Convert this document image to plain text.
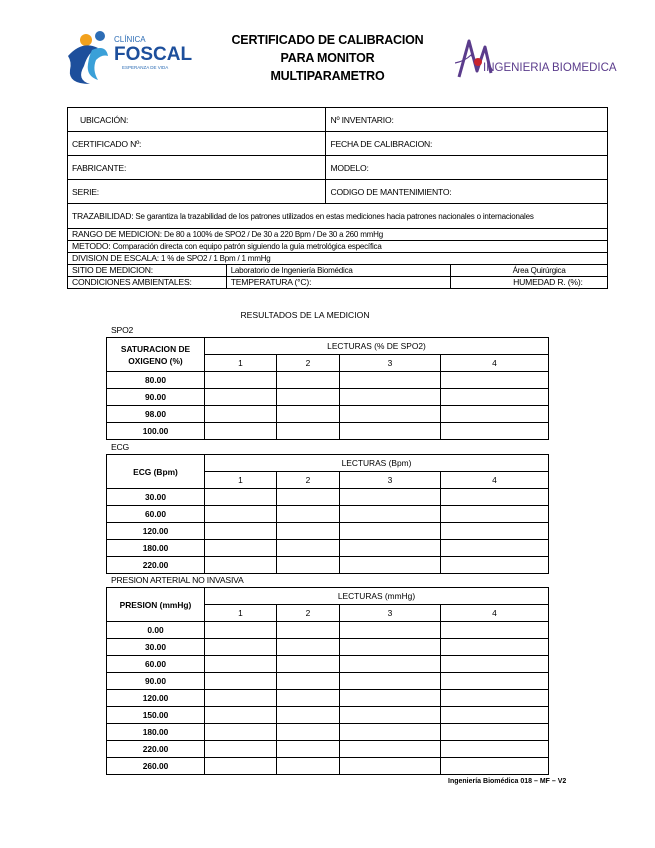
CLÍNICA
FOSCAL
ESPERANZA DE VIDA
CERTIFICADO DE CALIBRACION
PARA MONITOR
MULTIPARAMETRO
INGENIERIA BIOMEDICA
UBICACIÓN:		Nº INVENTARIO:		
CERTIFICADO Nº:		FECHA DE CALIBRACION:		
FABRICANTE:		MODELO:		
SERIE:		CODIGO DE MANTENIMIENTO:		
TRAZABILIDAD: Se garantiza la trazabilidad de los patrones utilizados en estas mediciones hacia patrones nacionales o internacionales				
RANGO DE MEDICION: De 80 a 100% de SPO2 / De 30 a 220 Bpm / De 30 a 260 mmHg				
METODO: Comparación directa con equipo patrón siguiendo la guía metrológica específica				
DIVISION DE ESCALA: 1 % de SPO2 / 1 Bpm / 1 mmHg				
SITIO DE MEDICION:	Laboratorio de Ingeniería Biomédica			Área Quirúrgica
CONDICIONES AMBIENTALES:	TEMPERATURA (°C):		HUMEDAD R. (%):	
RESULTADOS DE LA MEDICION
SPO2
SATURACION DE OXIGENO (%)	LECTURAS (% DE SPO2)			
	1	2	3	4
80.00				
90.00				
98.00				
100.00				
ECG
ECG (Bpm)	LECTURAS (Bpm)			
	1	2	3	4
30.00				
60.00				
120.00				
180.00				
220.00				
PRESION ARTERIAL NO INVASIVA
PRESION (mmHg)	LECTURAS (mmHg)			
	1	2	3	4
0.00				
30.00				
60.00				
90.00				
120.00				
150.00				
180.00				
220.00				
260.00				
Ingeniería Biomédica 018 – MF – V2
